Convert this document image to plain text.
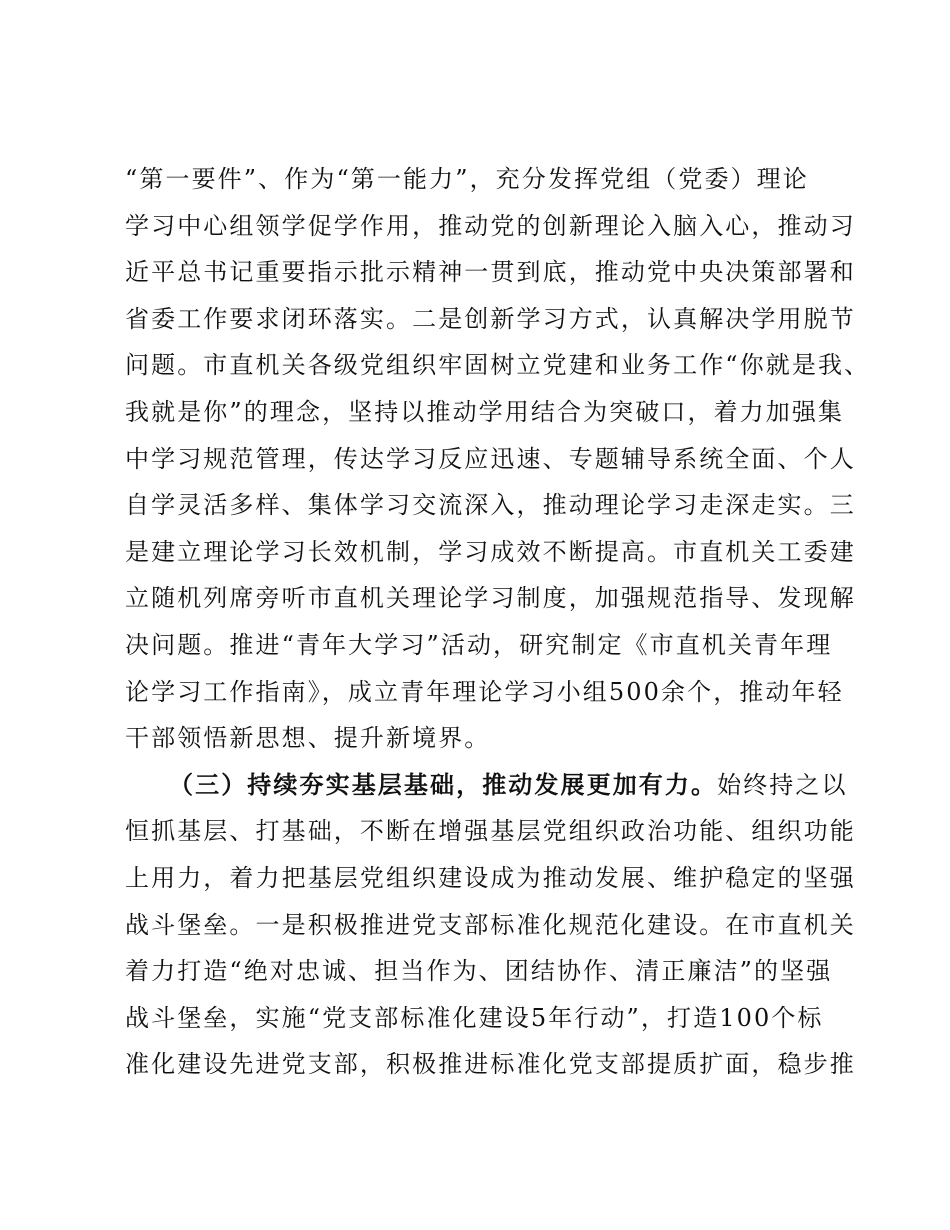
“第一要件”、作为“第一能力”，充分发挥党组（党委）理论
学习中心组领学促学作用，推动党的创新理论入脑入心，推动习
近平总书记重要指示批示精神一贯到底，推动党中央决策部署和
省委工作要求闭环落实。二是创新学习方式，认真解决学用脱节
问题。市直机关各级党组织牢固树立党建和业务工作“你就是我、
我就是你”的理念，坚持以推动学用结合为突破口，着力加强集
中学习规范管理，传达学习反应迅速、专题辅导系统全面、个人
自学灵活多样、集体学习交流深入，推动理论学习走深走实。三
是建立理论学习长效机制，学习成效不断提高。市直机关工委建
立随机列席旁听市直机关理论学习制度，加强规范指导、发现解
决问题。推进“青年大学习”活动，研究制定《市直机关青年理
论学习工作指南》，成立青年理论学习小组500余个，推动年轻
干部领悟新思想、提升新境界。
（三）持续夯实基层基础，推动发展更加有力。始终持之以
恒抓基层、打基础，不断在增强基层党组织政治功能、组织功能
上用力，着力把基层党组织建设成为推动发展、维护稳定的坚强
战斗堡垒。一是积极推进党支部标准化规范化建设。在市直机关
着力打造“绝对忠诚、担当作为、团结协作、清正廉洁”的坚强
战斗堡垒，实施“党支部标准化建设5年行动”，打造100个标
准化建设先进党支部，积极推进标准化党支部提质扩面，稳步推
